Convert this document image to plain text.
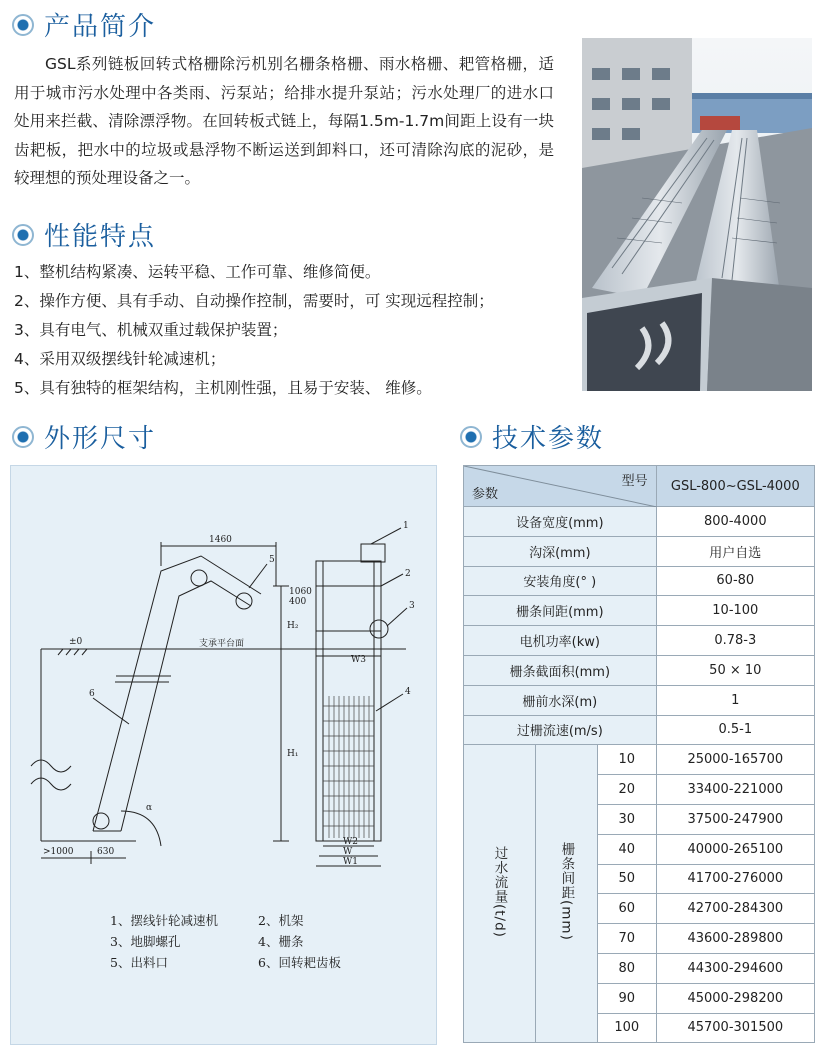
产品简介

GSL系列链板回转式格栅除污机别名栅条格栅、雨水格栅、耙管格栅，适用于城市污水处理中各类雨、污泵站；给排水提升泵站；污水处理厂的进水口处用来拦截、清除漂浮物。在回转板式链上，每隔1.5m-1.7m间距上设有一块齿耙板，把水中的垃圾或悬浮物不断运送到卸料口，还可清除沟底的泥砂，是较理想的预处理设备之一。

性能特点
1、整机结构紧凑、运转平稳、工作可靠、维修简便。
2、操作方便、具有手动、自动操作控制，需要时，可 实现远程控制；
3、具有电气、机械双重过载保护装置；
4、采用双级摆线针轮减速机；
5、具有独特的框架结构，主机刚性强，且易于安装、 维修。
外形尺寸	技术参数
1460
400
1060
H₂
H₁
±0	支承平台面
>1000	630
α
W3
W2
W
W1
1
2
3
4
5
6
1、摆线针轮减速机	2、机架
3、地脚螺孔	4、栅条
5、出料口	6、回转耙齿板
型号
参数			GSL-800~GSL-4000
设备宽度(mm)			800-4000
沟深(mm)			用户自选
安装角度(° )			60-80
栅条间距(mm)			10-100
电机功率(kw)			0.78-3
栅条截面积(mm)			50 × 10
栅前水深(m)			1
过栅流速(m/s)			0.5-1
过水流量(t/d)	栅条间距(mm)	10	25000-165700
		20	33400-221000
		30	37500-247900
		40	40000-265100
		50	41700-276000
		60	42700-284300
		70	43600-289800
		80	44300-294600
		90	45000-298200
		100	45700-301500
